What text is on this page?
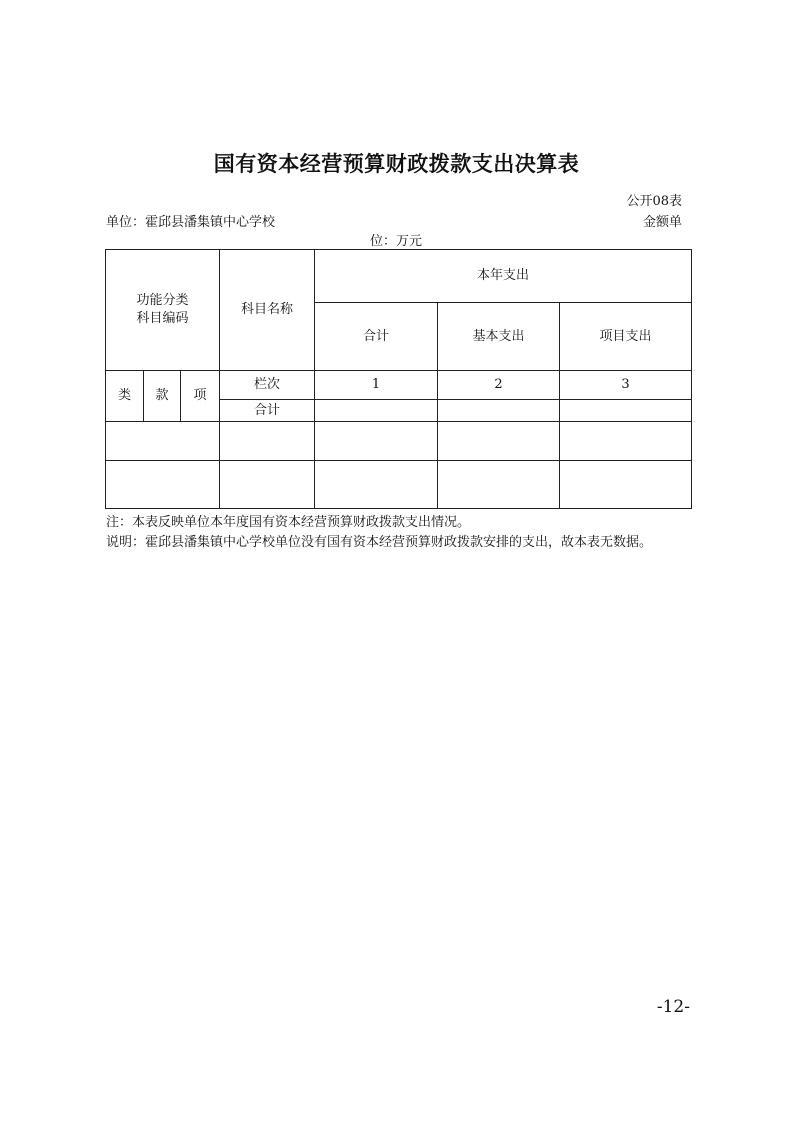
国有资本经营预算财政拨款支出决算表
公开08表
单位：霍邱县潘集镇中心学校	金额单
位：万元
功能分类
科目编码			科目名称	本年支出		
				合计	基本支出	项目支出
类	款	项	栏次	1	2	3
			合计			

注：本表反映单位本年度国有资本经营预算财政拨款支出情况。
说明：霍邱县潘集镇中心学校单位没有国有资本经营预算财政拨款安排的支出，故本表无数据。
-12-
